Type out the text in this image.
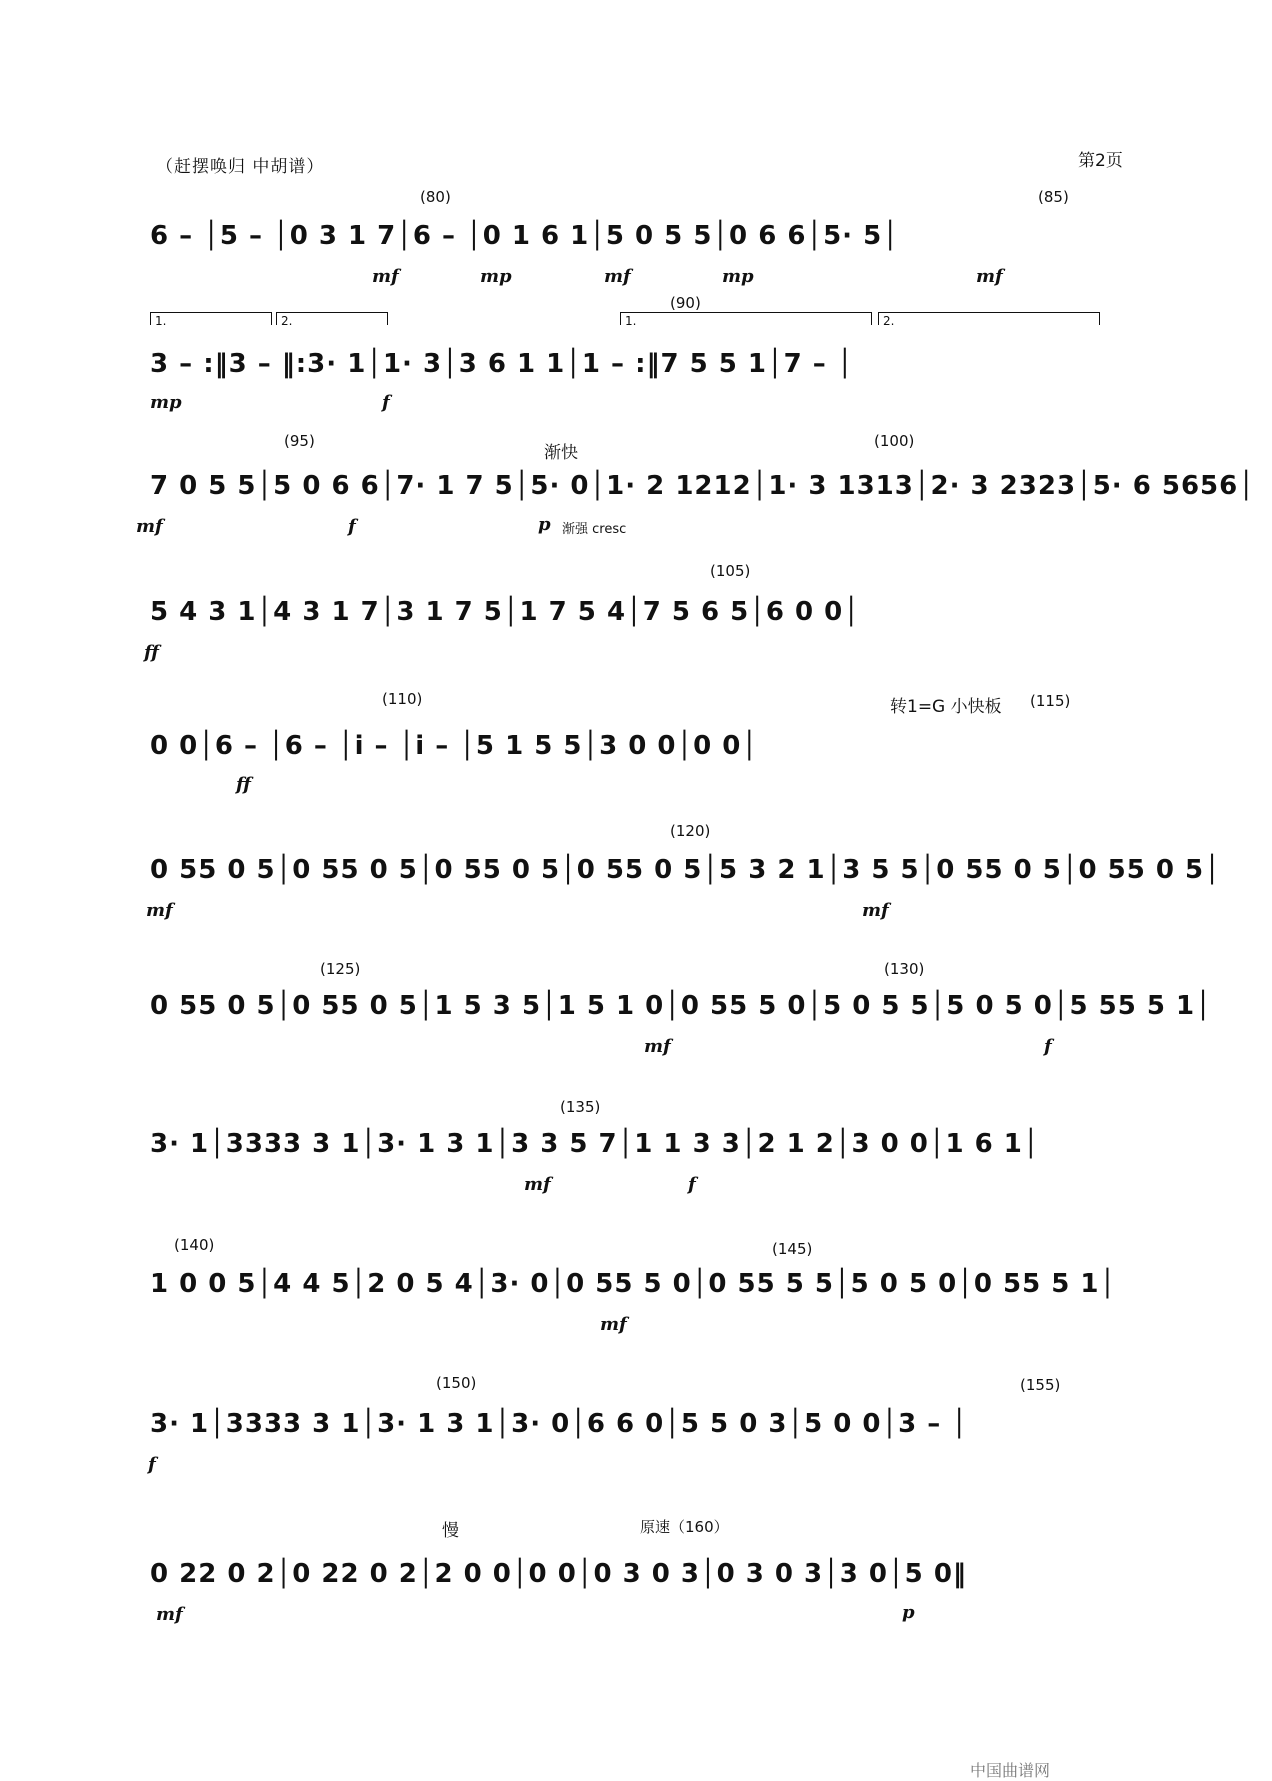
（赶摆唤归 中胡谱）	第2页
(80)	(85)
6 – │5 – │0 3 1 7│6 – │0 1 6 1│5 0 5 5│0 6 6│5· 5│
mf	mp	mf	mp	mf
1.	2.
(90)
1.	2.
3 – :‖3 – ‖:3· 1│1· 3│3 6 1 1│1 – :‖7 5 5 1│7 – │
mp	f
(95)
渐快
(100)
7 0 5 5│5 0 6 6│7· 1 7 5│5· 0│1· 2 1212│1· 3 1313│2· 3 2323│5· 6 5656│
mf	f	p 渐强 cresc
(105)
5 4 3 1│4 3 1 7│3 1 7 5│1 7 5 4│7 5 6 5│6 0 0│
ff
(110)	转1=G 小快板 (115)
0 0│6 – │6 – │i – │i – │5 1 5 5│3 0 0│0 0│
ff
(120)
0 55 0 5│0 55 0 5│0 55 0 5│0 55 0 5│5 3 2 1│3 5 5│0 55 0 5│0 55 0 5│
mf	mf
(125)	(130)
0 55 0 5│0 55 0 5│1 5 3 5│1 5 1 0│0 55 5 0│5 0 5 5│5 0 5 0│5 55 5 1│
mf	f
(135)
3· 1│3333 3 1│3· 1 3 1│3 3 5 7│1 1 3 3│2 1 2│3 0 0│1 6 1│
mf	f
(140)	(145)
1 0 0 5│4 4 5│2 0 5 4│3· 0│0 55 5 0│0 55 5 5│5 0 5 0│0 55 5 1│
mf
(150)	(155)
3· 1│3333 3 1│3· 1 3 1│3· 0│6 6 0│5 5 0 3│5 0 0│3 – │
f
慢	原速（160）
0 22 0 2│0 22 0 2│2 0 0│0 0│0 3 0 3│0 3 0 3│3 0│5 0‖
mf	p
中国曲谱网
